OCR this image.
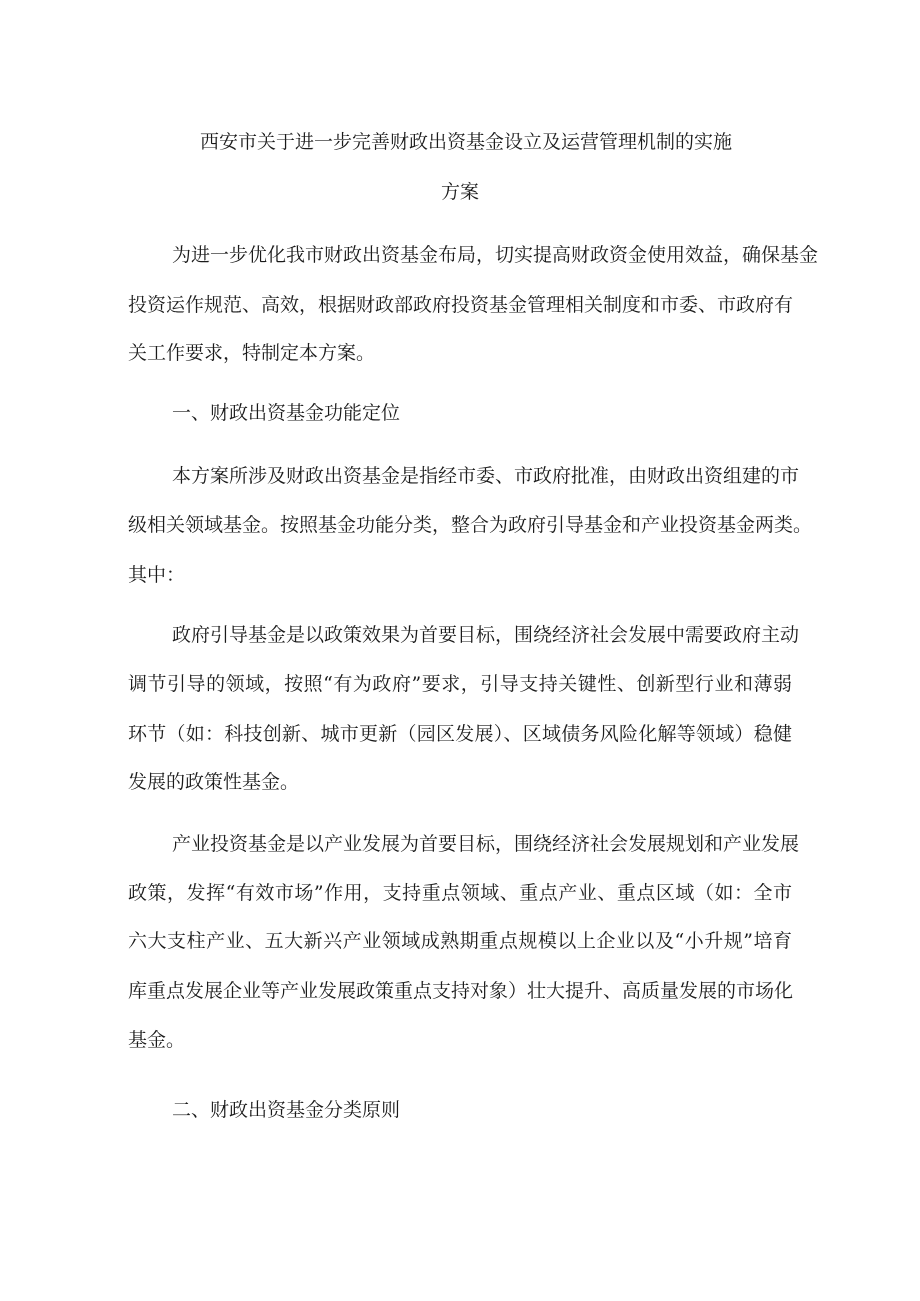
西安市关于进一步完善财政出资基金设立及运营管理机制的实施

方案

为进一步优化我市财政出资基金布局，切实提高财政资金使用效益，确保基金

投资运作规范、高效，根据财政部政府投资基金管理相关制度和市委、市政府有

关工作要求，特制定本方案。

一、财政出资基金功能定位

本方案所涉及财政出资基金是指经市委、市政府批准，由财政出资组建的市

级相关领域基金。按照基金功能分类，整合为政府引导基金和产业投资基金两类。

其中：

政府引导基金是以政策效果为首要目标，围绕经济社会发展中需要政府主动

调节引导的领域，按照“有为政府”要求，引导支持关键性、创新型行业和薄弱

环节（如：科技创新、城市更新（园区发展）、区域债务风险化解等领域）稳健

发展的政策性基金。

产业投资基金是以产业发展为首要目标，围绕经济社会发展规划和产业发展

政策，发挥“有效市场”作用，支持重点领域、重点产业、重点区域（如：全市

六大支柱产业、五大新兴产业领域成熟期重点规模以上企业以及“小升规”培育

库重点发展企业等产业发展政策重点支持对象）壮大提升、高质量发展的市场化

基金。

二、财政出资基金分类原则
